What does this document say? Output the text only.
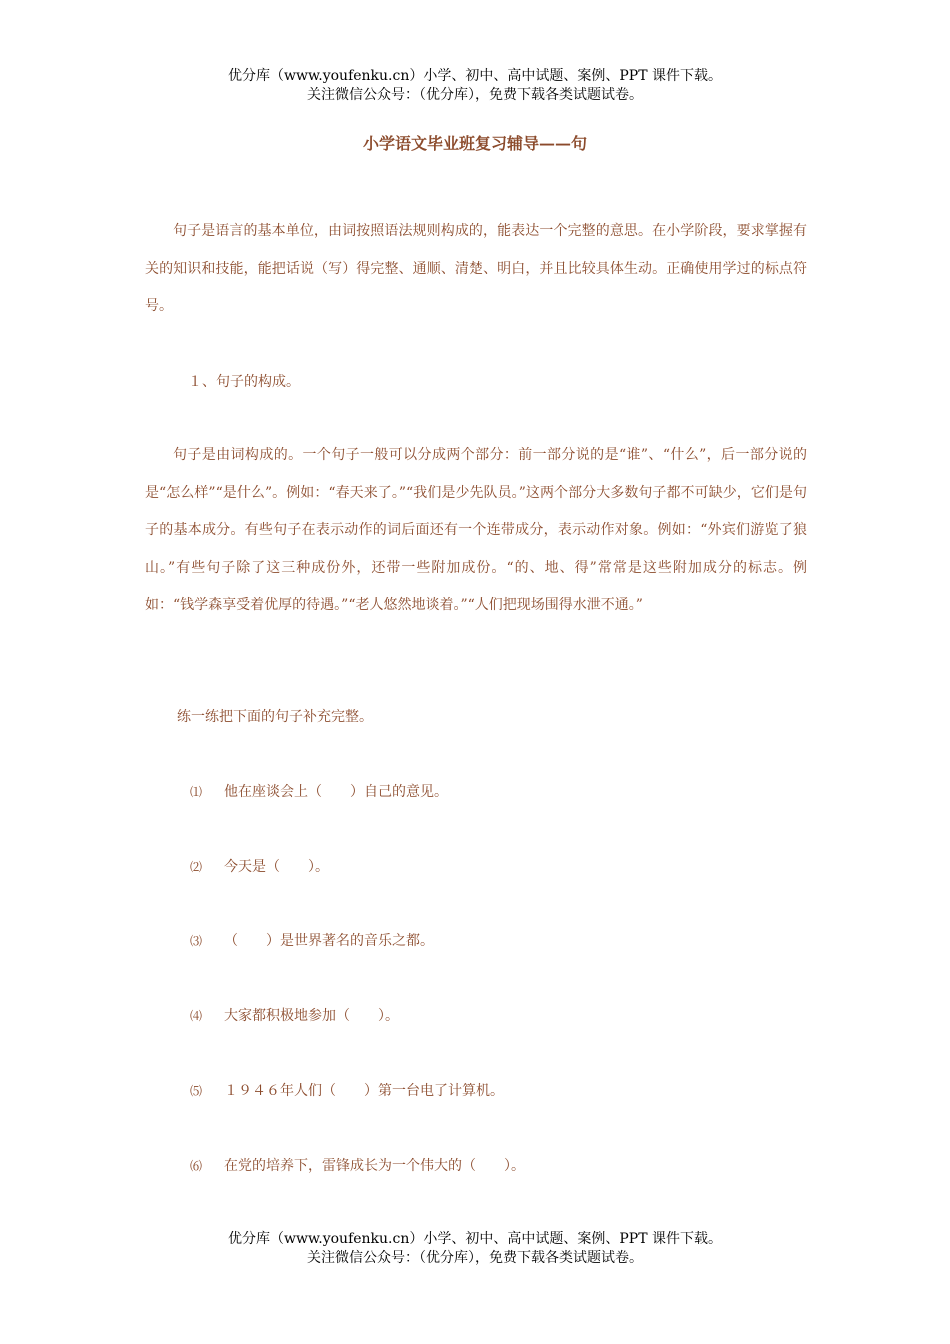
优分库（www.youfenku.cn）小学、初中、高中试题、案例、PPT 课件下载。
关注微信公众号：（优分库），免费下载各类试题试卷。
小学语文毕业班复习辅导——句
句子是语言的基本单位，由词按照语法规则构成的，能表达一个完整的意思。在小学阶段，要求掌握有关的知识和技能，能把话说（写）得完整、通顺、清楚、明白，并且比较具体生动。正确使用学过的标点符号。
１、句子的构成。
句子是由词构成的。一个句子一般可以分成两个部分：前一部分说的是“谁”、“什么”，后一部分说的是“怎么样”“是什么”。例如：“春天来了。”“我们是少先队员。”这两个部分大多数句子都不可缺少，它们是句子的基本成分。有些句子在表示动作的词后面还有一个连带成分，表示动作对象。例如：“外宾们游览了狼山。”有些句子除了这三种成份外，还带一些附加成份。“的、地、得”常常是这些附加成分的标志。例如：“钱学森享受着优厚的待遇。”“老人悠然地谈着。”“人们把现场围得水泄不通。”
练一练把下面的句子补充完整。
⑴ 他在座谈会上（　　）自己的意见。
⑵ 今天是（　　）。
⑶ （　　）是世界著名的音乐之都。
⑷ 大家都积极地参加（　　）。
⑸ １９４６年人们（　　）第一台电了计算机。
⑹ 在党的培养下，雷锋成长为一个伟大的（　　）。
优分库（www.youfenku.cn）小学、初中、高中试题、案例、PPT 课件下载。
关注微信公众号：（优分库），免费下载各类试题试卷。
